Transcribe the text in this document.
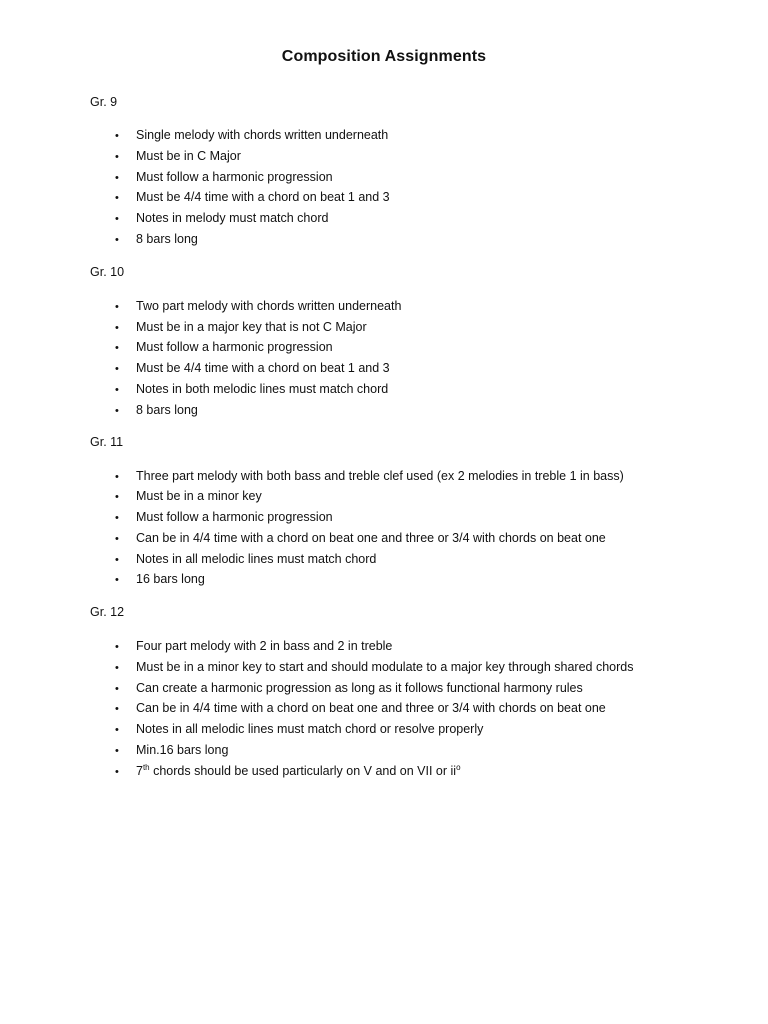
Composition Assignments
Gr. 9
• Single melody with chords written underneath
• Must be in C Major
• Must follow a harmonic progression
• Must be 4/4 time with a chord on beat 1 and 3
• Notes in melody must match chord
• 8 bars long
Gr. 10
• Two part melody with chords written underneath
• Must be in a major key that is not C Major
• Must follow a harmonic progression
• Must be 4/4 time with a chord on beat 1 and 3
• Notes in both melodic lines must match chord
• 8 bars long
Gr. 11
• Three part melody with both bass and treble clef used (ex 2 melodies in treble 1 in bass)
• Must be in a minor key
• Must follow a harmonic progression
• Can be in 4/4 time with a chord on beat one and three or 3/4 with chords on beat one
• Notes in all melodic lines must match chord
• 16 bars long
Gr. 12
• Four part melody with 2 in bass and 2 in treble
• Must be in a minor key to start and should modulate to a major key through shared chords
• Can create a harmonic progression as long as it follows functional harmony rules
• Can be in 4/4 time with a chord on beat one and three or 3/4 with chords on beat one
• Notes in all melodic lines must match chord or resolve properly
• Min.16 bars long
• 7th chords should be used particularly on V and on VII or $ii^o$
